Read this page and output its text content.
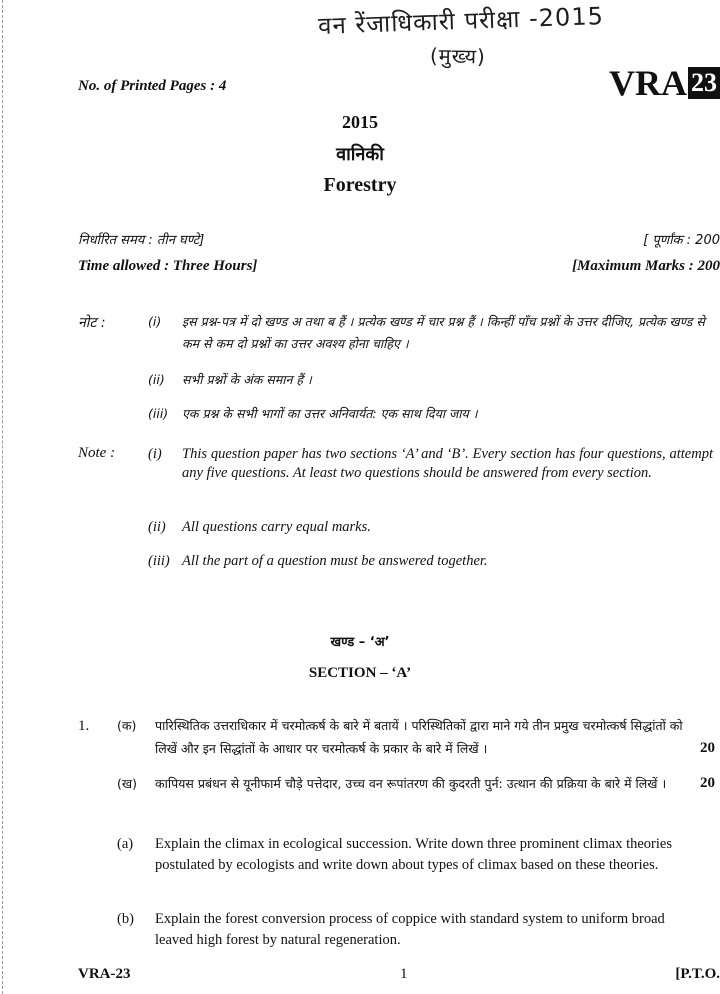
वन रेंजाधिकारी परीक्षा -2015
(मुख्य)
No. of Printed Pages : 4	VRA 23
2015
वानिकी
Forestry
निर्धारित समय : तीन घण्टे]	[ पूर्णांक : 200
Time allowed : Three Hours]	[Maximum Marks : 200
नोट :	(i)	इस प्रश्न-पत्र में दो खण्ड अ तथा ब हैं । प्रत्येक खण्ड में चार प्रश्न हैं । किन्हीं पाँच प्रश्नों के उत्तर दीजिए, प्रत्येक खण्ड से कम से कम दो प्रश्नों का उत्तर अवश्य होना चाहिए ।
(ii)	सभी प्रश्नों के अंक समान हैं ।
(iii)	एक प्रश्न के सभी भागों का उत्तर अनिवार्यत: एक साथ दिया जाय ।
Note : (i)	This question paper has two sections ‘A’ and ‘B’. Every section has four questions, attempt any five questions. At least two questions should be answered from every section.
(ii)	All questions carry equal marks.
(iii) All the part of a question must be answered together.
खण्ड – ‘अ’
SECTION – ‘A’
1. (क)	पारिस्थितिक उत्तराधिकार में चरमोत्कर्ष के बारे में बतायें । परिस्थितिकों द्वारा माने गये तीन प्रमुख चरमोत्कर्ष सिद्धांतों को लिखें और इन सिद्धांतों के आधार पर चरमोत्कर्ष के प्रकार के बारे में लिखें ।	20
(ख)	कापियस प्रबंधन से यूनीफार्म चौड़े पत्तेदार, उच्च वन रूपांतरण की कुदरती पुर्न: उत्थान की प्रक्रिया के बारे में लिखें । 20
(a)	Explain the climax in ecological succession. Write down three prominent climax theories postulated by ecologists and write down about types of climax based on these theories.
(b)	Explain the forest conversion process of coppice with standard system to uniform broad leaved high forest by natural regeneration.
VRA-23	1	[P.T.O.
